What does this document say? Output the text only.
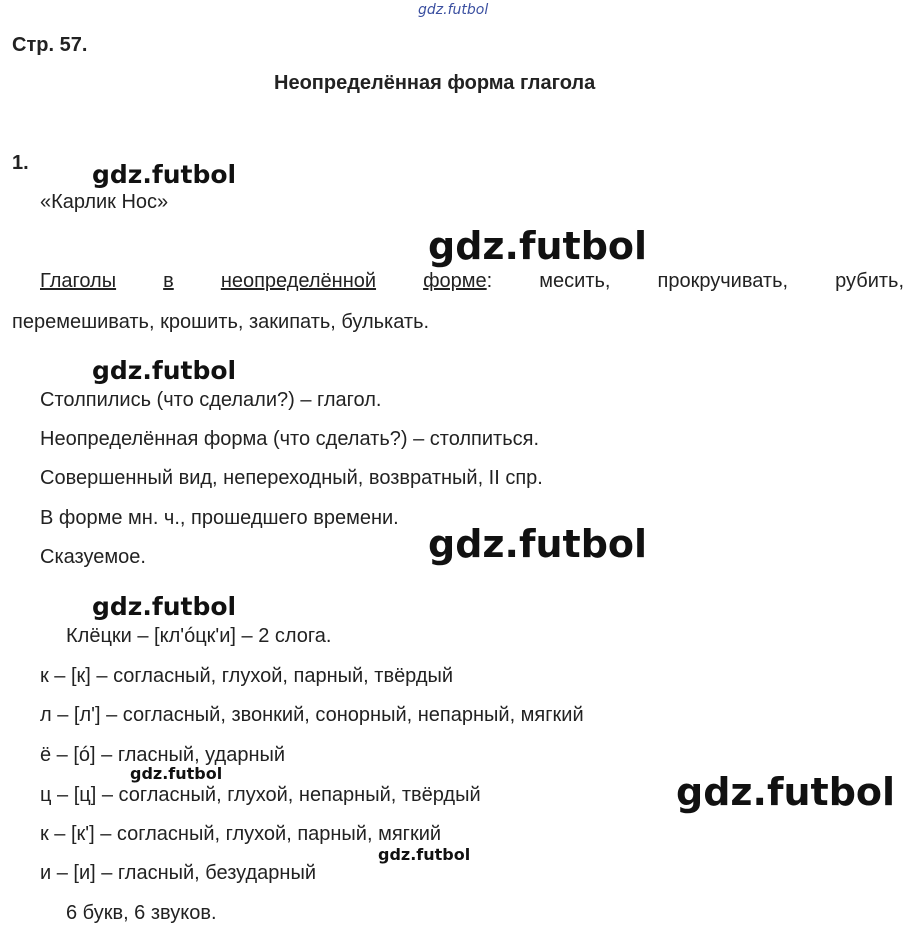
gdz.futbol
gdz.futbol
gdz.futbol
gdz.futbol
gdz.futbol
gdz.futbol
gdz.futbol	gdz.futbol
gdz.futbol
Стр. 57.
Неопределённая форма глагола
1.
«Карлик Нос»
Глаголы в неопределённой форме: месить, прокручивать, рубить,
перемешивать, крошить, закипать, булькать.
Столпились (что сделали?) – глагол.
Неопределённая форма (что сделать?) – столпиться.
Совершенный вид, непереходный, возвратный, II спр.
В форме мн. ч., прошедшего времени.
Сказуемое.
Клёцки – [кл'óцк'и] – 2 слога.
к – [к] – согласный, глухой, парный, твёрдый
л – [л'] – согласный, звонкий, сонорный, непарный, мягкий
ё – [ó] – гласный, ударный
ц – [ц] – согласный, глухой, непарный, твёрдый
к – [к'] – согласный, глухой, парный, мягкий
и – [и] – гласный, безударный
6 букв, 6 звуков.
